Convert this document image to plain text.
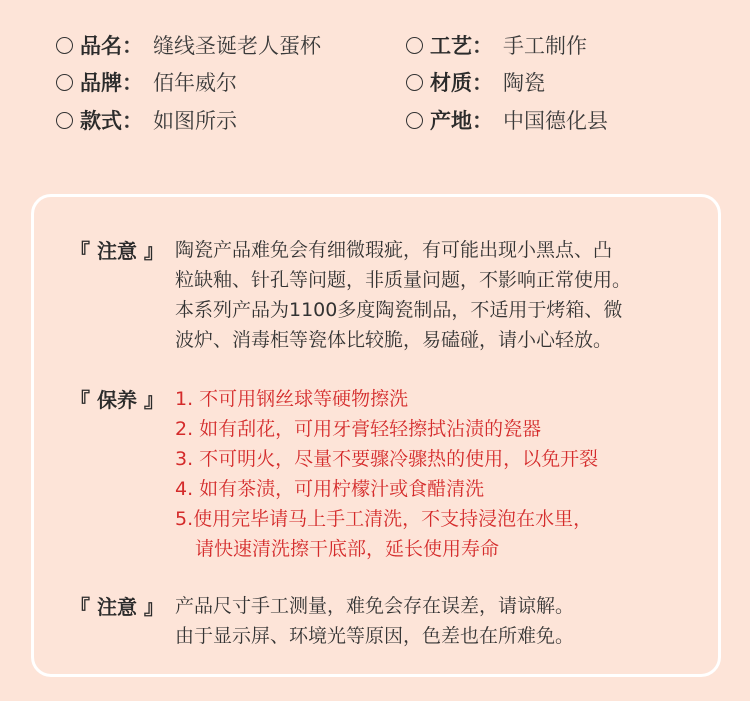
品名 ： 缝线圣诞老人蛋杯	工艺 ： 手工制作
品牌 ： 佰年威尔	材质 ： 陶瓷
款式 ： 如图所示	产地 ： 中国德化县
『 注意 』 陶瓷产品难免会有细微瑕疵，有可能出现小黑点、凸
粒缺釉、针孔等问题，非质量问题，不影响正常使用。
本系列产品为1100多度陶瓷制品，不适用于烤箱、微
波炉、消毒柜等瓷体比较脆，易磕碰，请小心轻放。
『 保养 』 1. 不可用钢丝球等硬物擦洗
2. 如有刮花，可用牙膏轻轻擦拭沾渍的瓷器
3. 不可明火，尽量不要骤冷骤热的使用，以免开裂
4. 如有茶渍，可用柠檬汁或食醋清洗
5.使用完毕请马上手工清洗，不支持浸泡在水里，
请快速清洗擦干底部，延长使用寿命
『 注意 』 产品尺寸手工测量，难免会存在误差，请谅解。
由于显示屏、环境光等原因，色差也在所难免。
